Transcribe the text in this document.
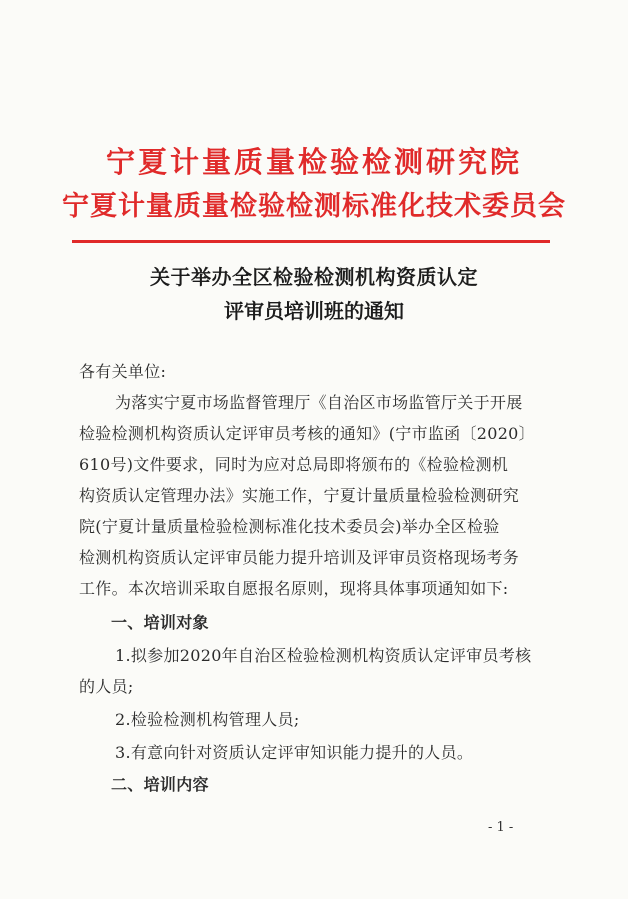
宁夏计量质量检验检测研究院
宁夏计量质量检验检测标准化技术委员会
关于举办全区检验检测机构资质认定
评审员培训班的通知
各有关单位:
为落实宁夏市场监督管理厅《自治区市场监管厅关于开展
检验检测机构资质认定评审员考核的通知》(宁市监函〔2020〕
610号)文件要求，同时为应对总局即将颁布的《检验检测机
构资质认定管理办法》实施工作，宁夏计量质量检验检测研究
院(宁夏计量质量检验检测标准化技术委员会)举办全区检验
检测机构资质认定评审员能力提升培训及评审员资格现场考务
工作。本次培训采取自愿报名原则，现将具体事项通知如下:
一、培训对象
1.拟参加2020年自治区检验检测机构资质认定评审员考核
的人员;
2.检验检测机构管理人员;
3.有意向针对资质认定评审知识能力提升的人员。
二、培训内容
- 1 -
